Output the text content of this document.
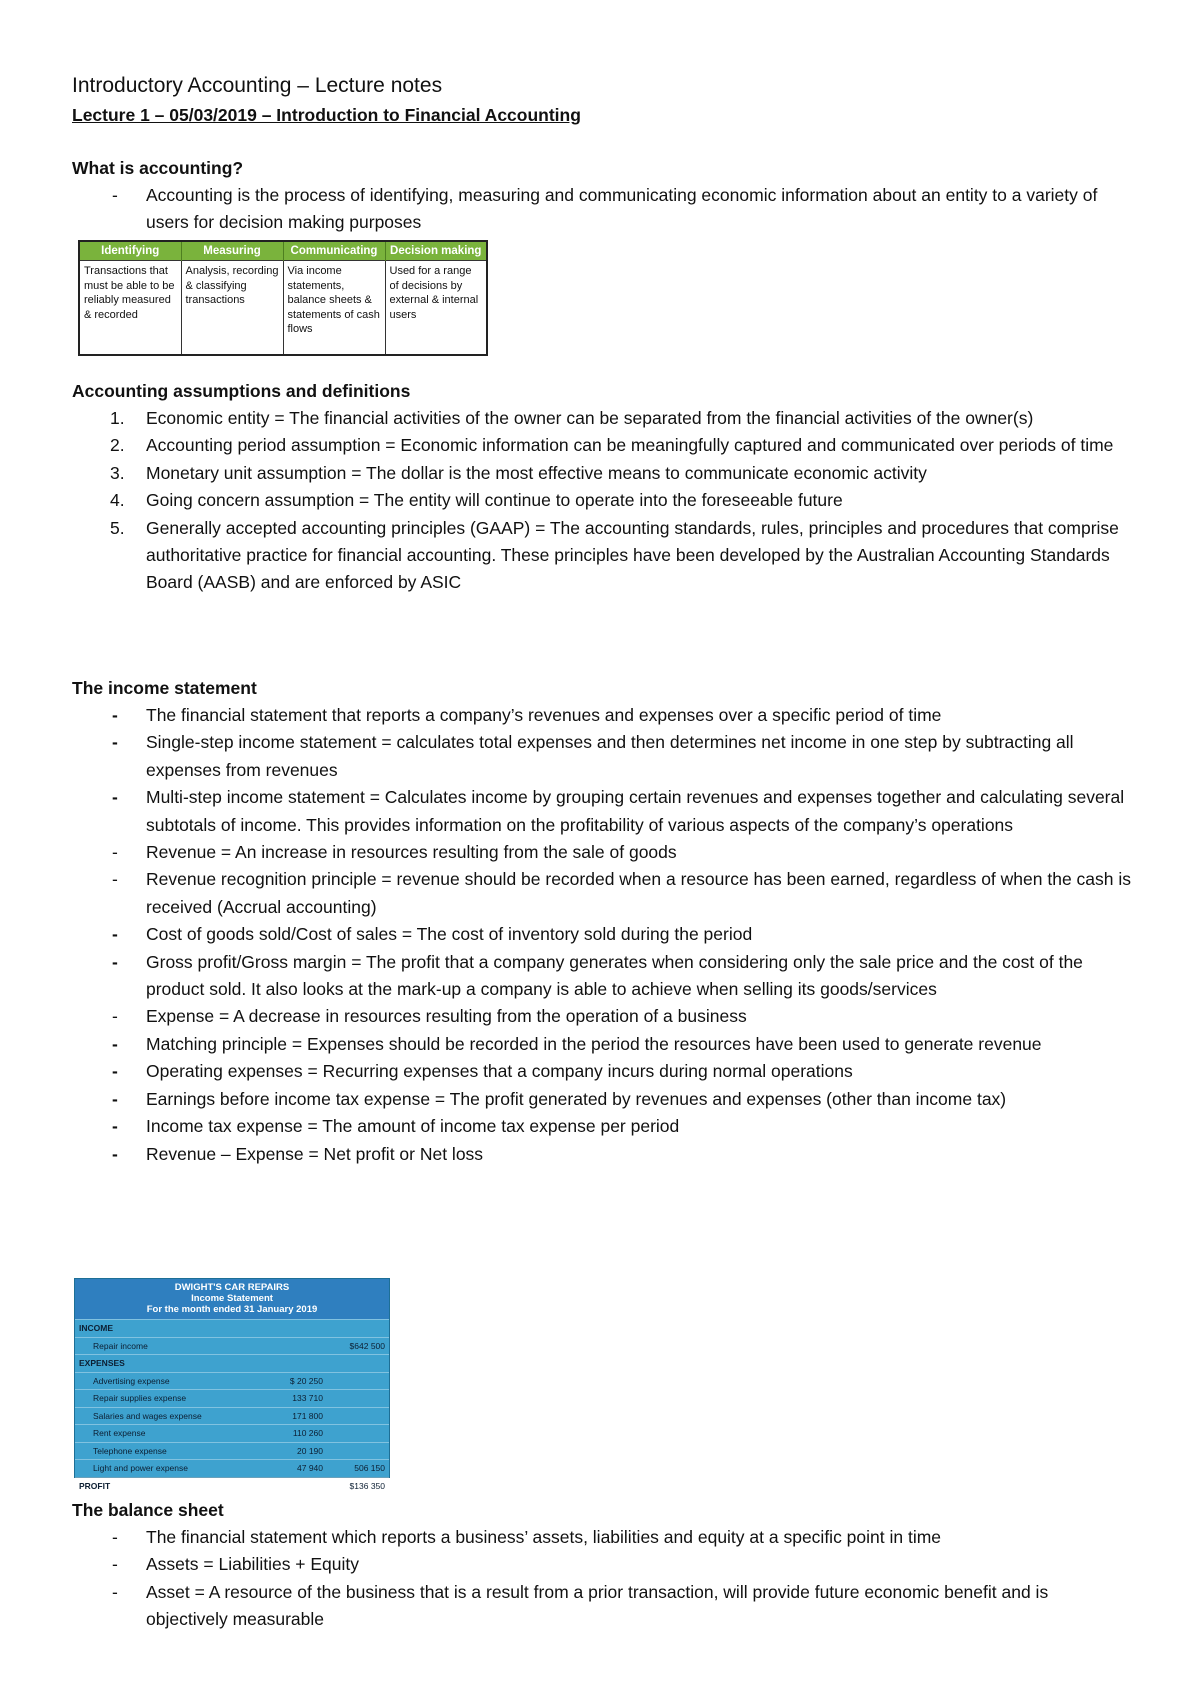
Introductory Accounting – Lecture notes
Lecture 1 – 05/03/2019 – Introduction to Financial Accounting
What is accounting?
- Accounting is the process of identifying, measuring and communicating economic information about an entity to a variety of users for decision making purposes
Identifying	Measuring	Communicating	Decision making
Transactions that must be able to be reliably measured & recorded	Analysis, recording & classifying transactions	Via income statements, balance sheets & statements of cash flows	Used for a range of decisions by external & internal users
Accounting assumptions and definitions
1. Economic entity = The financial activities of the owner can be separated from the financial activities of the owner(s)
2. Accounting period assumption = Economic information can be meaningfully captured and communicated over periods of time
3. Monetary unit assumption = The dollar is the most effective means to communicate economic activity
4. Going concern assumption = The entity will continue to operate into the foreseeable future
5. Generally accepted accounting principles (GAAP) = The accounting standards, rules, principles and procedures that comprise authoritative practice for financial accounting. These principles have been developed by the Australian Accounting Standards Board (AASB) and are enforced by ASIC
The income statement
- The financial statement that reports a company’s revenues and expenses over a specific period of time
- Single-step income statement = calculates total expenses and then determines net income in one step by subtracting all expenses from revenues
- Multi-step income statement = Calculates income by grouping certain revenues and expenses together and calculating several subtotals of income. This provides information on the profitability of various aspects of the company’s operations
- Revenue = An increase in resources resulting from the sale of goods
- Revenue recognition principle = revenue should be recorded when a resource has been earned, regardless of when the cash is received (Accrual accounting)
- Cost of goods sold/Cost of sales = The cost of inventory sold during the period
- Gross profit/Gross margin = The profit that a company generates when considering only the sale price and the cost of the product sold. It also looks at the mark-up a company is able to achieve when selling its goods/services
- Expense = A decrease in resources resulting from the operation of a business
- Matching principle = Expenses should be recorded in the period the resources have been used to generate revenue
- Operating expenses = Recurring expenses that a company incurs during normal operations
- Earnings before income tax expense = The profit generated by revenues and expenses (other than income tax)
- Income tax expense = The amount of income tax expense per period
- Revenue – Expense = Net profit or Net loss
DWIGHT'S CAR REPAIRS
Income Statement
For the month ended 31 January 2019
INCOME
Repair income	$642 500
EXPENSES
Advertising expense	$ 20 250
Repair supplies expense	133 710
Salaries and wages expense	171 800
Rent expense	110 260
Telephone expense	20 190
Light and power expense	47 940	506 150
PROFIT	$136 350
The balance sheet
- The financial statement which reports a business’ assets, liabilities and equity at a specific point in time
- Assets = Liabilities + Equity
- Asset = A resource of the business that is a result from a prior transaction, will provide future economic benefit and is objectively measurable
